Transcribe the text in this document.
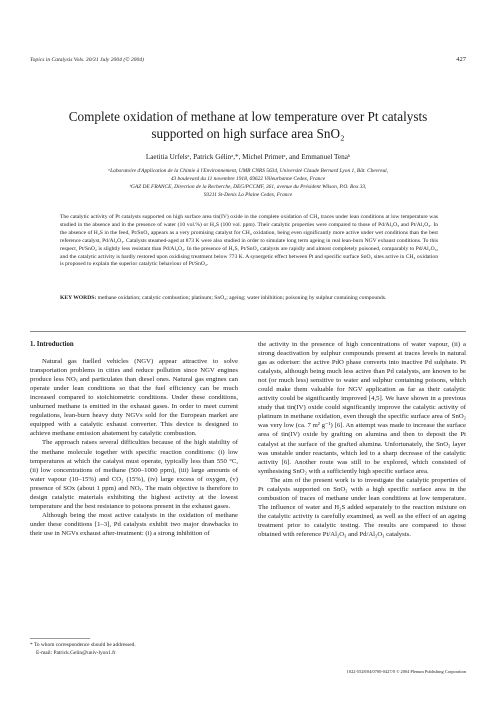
Topics in Catalysis Vols. 30/31 July 2004 (© 2004)	427
Complete oxidation of methane at low temperature over Pt catalysts
supported on high surface area SnO₂
Laetitia Urfelsᵃ, Patrick Gélinᵃ,*, Michel Primetᵃ, and Emmanuel Tenaᵇ
ᵃLaboratoire d'Application de la Chimie à l'Environnement, UMR CNRS 5634, Université Claude Bernard Lyon 1, Bât. Chevreul,
43 boulevard du 11 novembre 1918, 69622 Villeurbanne Cedex, France
ᵇGAZ DE FRANCE, Direction de la Recherche, DEG/PCCMF, 361, avenue du Président Wilson, P.O. Box 33,
93211 St-Denis La Plaine Cedex, France
The catalytic activity of Pt catalysts supported on high surface area tin(IV) oxide in the complete oxidation of CH₄ traces under lean conditions at low temperature was studied in the absence and in the presence of water (10 vol.%) or H₂S (100 vol. ppm). Their catalytic properties were compared to those of Pd/Al₂O₃ and Pt/Al₂O₃. In the absence of H₂S in the feed, Pt/SnO₂ appears as a very promising catalyst for CH₄ oxidation, being even significantly more active under wet conditions than the best reference catalyst, Pd/Al₂O₃. Catalysts steamed-aged at 873 K were also studied in order to simulate long term ageing in real lean-burn NGV exhaust conditions. To this respect, Pt/SnO₂ is slightly less resistant than Pd/Al₂O₃. In the presence of H₂S, Pt/SnO₂ catalysts are rapidly and almost completely poisoned, comparably to Pd/Al₂O₃, and the catalytic activity is hardly restored upon oxidising treatment below 773 K. A synergetic effect between Pt and specific surface SnO₂ sites active in CH₄ oxidation is proposed to explain the superior catalytic behaviour of Pt/SnO₂.
KEY WORDS: methane oxidation; catalytic combustion; platinum; SnO₂; ageing; water inhibition; poisoning by sulphur containing compounds.
1. Introduction

Natural gas fuelled vehicles (NGV) appear attractive to solve transportation problems in cities and reduce pollution since NGV engines produce less NOₓ and particulates than diesel ones. Natural gas engines can operate under lean conditions so that the fuel efficiency can be much increased compared to stoichiometric conditions. Under these conditions, unburned methane is emitted in the exhaust gases. In order to meet current regulations, lean-burn heavy duty NGVs sold for the European market are equipped with a catalytic exhaust converter. This device is designed to achieve methane emission abatement by catalytic combustion.

The approach raises several difficulties because of the high stability of the methane molecule together with specific reaction conditions: (i) low temperatures at which the catalyst must operate, typically less than 550 °C, (ii) low concentrations of methane (500–1000 ppm), (iii) large amounts of water vapour (10–15%) and CO₂ (15%), (iv) large excess of oxygen, (v) presence of SOx (about 1 ppm) and NOₓ. The main objective is therefore to design catalytic materials exhibiting the highest activity at the lowest temperature and the best resistance to poisons present in the exhaust gases.

Although being the most active catalysts in the oxidation of methane under these conditions [1–3], Pd catalysts exhibit two major drawbacks to their use in NGVs exhaust after-treatment: (i) a strong inhibition of

* To whom correspondence should be addressed.
E-mail: Patrick.Gelin@univ-lyon1.fr

the activity in the presence of high concentrations of water vapour, (ii) a strong deactivation by sulphur compounds present at traces levels in natural gas as odoriser: the active PdO phase converts into inactive Pd sulphate. Pt catalysts, although being much less active than Pd catalysts, are known to be not (or much less) sensitive to water and sulphur containing poisons, which could make them valuable for NGV application as far as their catalytic activity could be significantly improved [4,5]. We have shown in a previous study that tin(IV) oxide could significantly improve the catalytic activity of platinum in methane oxidation, even though the specific surface area of SnO₂ was very low (ca. 7 m² g⁻¹) [6]. An attempt was made to increase the surface area of tin(IV) oxide by grafting on alumina and then to deposit the Pt catalyst at the surface of the grafted alumina. Unfortunately, the SnO₂ layer was unstable under reactants, which led to a sharp decrease of the catalytic activity [6]. Another route was still to be explored, which consisted of synthesising SnO₂ with a sufficiently high specific surface area.

The aim of the present work is to investigate the catalytic properties of Pt catalysts supported on SnO₂ with a high specific surface area in the combustion of traces of methane under lean conditions at low temperature. The influence of water and H₂S added separately to the reaction mixture on the catalytic activity is carefully examined, as well as the effect of an ageing treatment prior to catalytic testing. The results are compared to those obtained with reference Pt/Al₂O₃ and Pd/Al₂O₃ catalysts.

1022-5528/04/0700-0427/0 © 2004 Plenum Publishing Corporation
